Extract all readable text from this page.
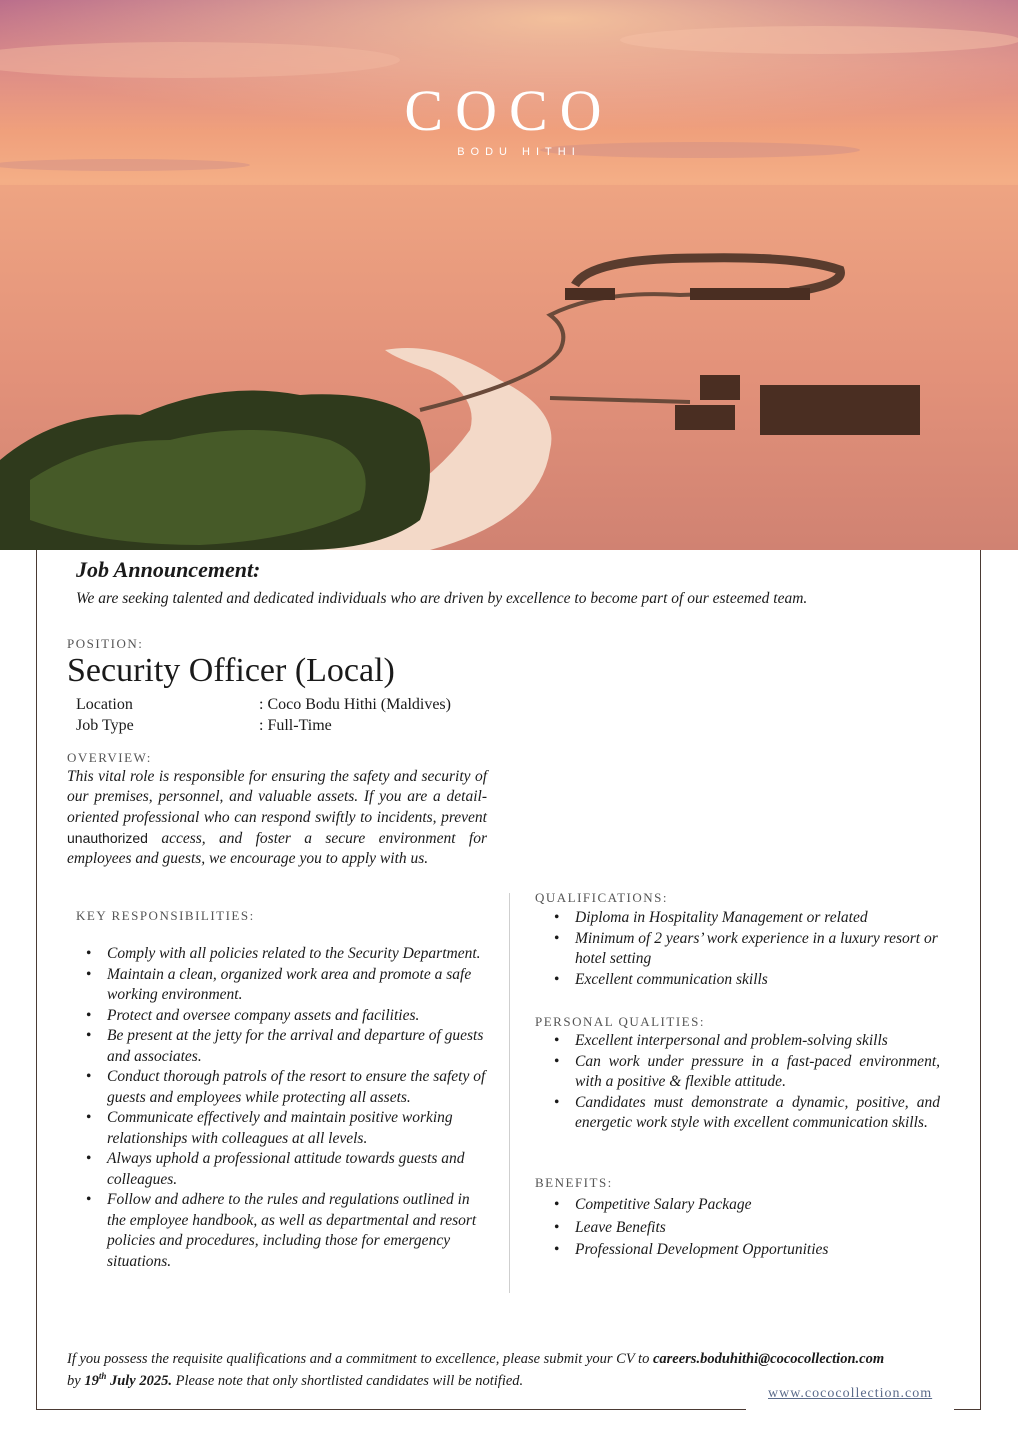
COCO
BODU HITHI
Job Announcement:
We are seeking talented and dedicated individuals who are driven by excellence to become part of our esteemed team.
POSITION:
Security Officer (Local)
Location	: Coco Bodu Hithi (Maldives)
Job Type	: Full-Time
OVERVIEW:
This vital role is responsible for ensuring the safety and security of our premises, personnel, and valuable assets. If you are a detail-oriented professional who can respond swiftly to incidents, prevent unauthorized access, and foster a secure environment for employees and guests, we encourage you to apply with us.
KEY RESPONSIBILITIES:
• Comply with all policies related to the Security Department.
• Maintain a clean, organized work area and promote a safe working environment.
• Protect and oversee company assets and facilities.
• Be present at the jetty for the arrival and departure of guests and associates.
• Conduct thorough patrols of the resort to ensure the safety of guests and employees while protecting all assets.
• Communicate effectively and maintain positive working relationships with colleagues at all levels.
• Always uphold a professional attitude towards guests and colleagues.
• Follow and adhere to the rules and regulations outlined in the employee handbook, as well as departmental and resort policies and procedures, including those for emergency situations.
QUALIFICATIONS:
• Diploma in Hospitality Management or related
• Minimum of 2 years’ work experience in a luxury resort or hotel setting
• Excellent communication skills
PERSONAL QUALITIES:
• Excellent interpersonal and problem-solving skills
• Can work under pressure in a fast-paced environment, with a positive & flexible attitude.
• Candidates must demonstrate a dynamic, positive, and energetic work style with excellent communication skills.
BENEFITS:
• Competitive Salary Package
• Leave Benefits
• Professional Development Opportunities
If you possess the requisite qualifications and a commitment to excellence, please submit your CV to careers.boduhithi@cococollection.com
by 19th July 2025. Please note that only shortlisted candidates will be notified.
www.cococollection.com
